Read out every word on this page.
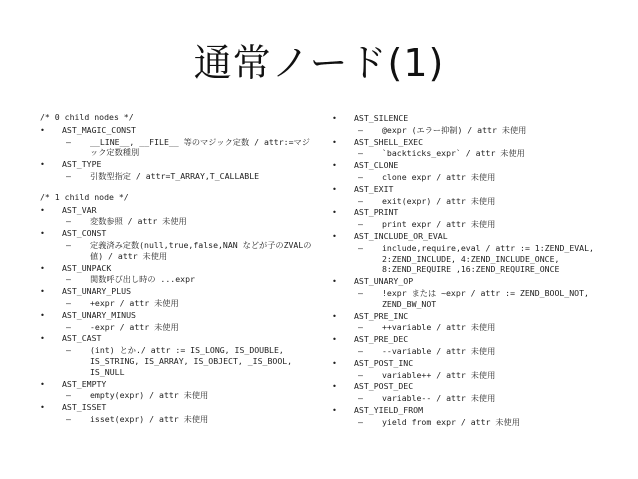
通常ノード(1)
/* 0 child nodes */
• AST_MAGIC_CONST
– __LINE__, __FILE__ 等のマジック定数 / attr:=マジック定数種別
• AST_TYPE
– 引数型指定 / attr=T_ARRAY,T_CALLABLE
/* 1 child node */
• AST_VAR
– 変数参照 / attr 未使用
• AST_CONST
– 定義済み定数(null,true,false,NAN などが子のZVALの値) / attr 未使用
• AST_UNPACK
– 関数呼び出し時の ...expr
• AST_UNARY_PLUS
– +expr / attr 未使用
• AST_UNARY_MINUS
– -expr / attr 未使用
• AST_CAST
– (int) とか./ attr := IS_LONG, IS_DOUBLE,
IS_STRING, IS_ARRAY, IS_OBJECT, _IS_BOOL,
IS_NULL
• AST_EMPTY
– empty(expr) / attr 未使用
• AST_ISSET
– isset(expr) / attr 未使用
• AST_SILENCE
– @expr (エラー抑制) / attr 未使用
• AST_SHELL_EXEC
– `backticks_expr` / attr 未使用
• AST_CLONE
– clone expr / attr 未使用
• AST_EXIT
– exit(expr) / attr 未使用
• AST_PRINT
– print expr / attr 未使用
• AST_INCLUDE_OR_EVAL
– include,require,eval / attr := 1:ZEND_EVAL,
2:ZEND_INCLUDE, 4:ZEND_INCLUDE_ONCE,
8:ZEND_REQUIRE ,16:ZEND_REQUIRE_ONCE
• AST_UNARY_OP
– !expr または ~expr / attr := ZEND_BOOL_NOT,
ZEND_BW_NOT
• AST_PRE_INC
– ++variable / attr 未使用
• AST_PRE_DEC
– --variable / attr 未使用
• AST_POST_INC
– variable++ / attr 未使用
• AST_POST_DEC
– variable-- / attr 未使用
• AST_YIELD_FROM
– yield from expr / attr 未使用
